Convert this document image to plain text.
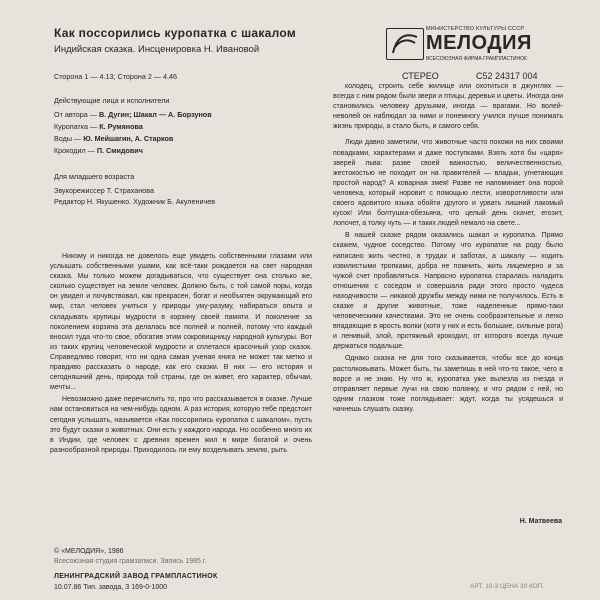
Как поссорились куропатка с шакалом
Индийская сказка. Инсценировка Н. Ивановой
МИНИСТЕРСТВО КУЛЬТУРЫ СССР
МЕЛОДИЯ
ВСЕСОЮЗНАЯ ФИРМА ГРАМПЛАСТИНОК
СТЕРЕО	С52 24317 004
Сторона 1 — 4.13; Сторона 2 — 4.46
Действующие лица и исполнители
От автора — В. Дугин; Шакал — А. Борзунов
Куропатка — К. Румянова
Воды — Ю. Мейшагин, А. Старков
Крокодил — П. Смидович
Для младшего возраста
Звукорежиссер Т. Страханова
Редактор Н. Якушенко. Художник Б. Акуленичев

Никому и никогда не довелось еще увидеть собственными глазами или услышать собственными ушами, как всё-таки рождается на свет народная сказка. Мы только можем догадываться, что существует она столько же, сколько существует на земле человек. Должно быть, с той самой поры, когда он увидел и почувствовал, как прекрасен, богат и необъятен окружающий его мир, стал человек учиться у природы уму-разуму, набираться опыта и складывать крупицы мудрости в корзину своей памяти. И поколение за поколением корзина эта делалась все полней и полней, потому что каждый вносил туда что-то свое, обогатив этим сокровищницу народной культуры. Вот из таких крупиц человеческой мудрости и сплетался красочный узор сказок. Справедливо говорят, что ни одна самая ученая книга не может так метко и правдиво рассказать о народе, как его сказки. В них — его история и сегодняшний день, природа той страны, где он живет, его характер, обычаи, мечты...

Невозможно даже перечислить то, про что рассказывается в сказке. Лучше нам остановиться на чем-нибудь одном. А раз история, которую тебе предстоит сегодня услышать, называется «Как поссорились куропатка с шакалом», пусть это будут сказки о животных. Они есть у каждого народа. Но особенно много их в Индии, где человек с древних времен жил в мире богатой и очень разнообразной природы. Приходилось ли ему возделывать землю, рыть

колодец, строить себе жилище или охотиться в джунглях — всегда с ним рядом были звери и птицы, деревья и цветы. Иногда они становились человеку друзьями, иногда — врагами. Но волей-неволей он наблюдал за ними и понемногу учился лучше понимать жизнь природы, а стало быть, и самого себя.

Люди давно заметили, что животные часто похожи на них своими повадками, характерами и даже поступками. Взять хотя бы «царя» зверей льва: разве своей важностью, величественностью, жестокостью не походит он на правителей — владык, угнетающих простой народ? А коварная змея! Разве не напоминает она порой человека, который норовит с помощью лести, изворотливости или своего ядовитого языка обойти другого и урвать лишний лакомый кусок! Или болтушка-обезьяна, что целый день скачет, егозит, лопочет, а толку чуть — и таких людей немало на свете...

В нашей сказке рядом оказались шакал и куропатка. Прямо скажем, чудное соседство. Потому что куропатке на роду было написано жить честно, в трудах и заботах, а шакалу — ходить извилистыми тропками, добра не помнить, жить лицемерно и за чужой счет пробавляться. Напрасно куропатка старалась наладить отношения с соседом и совершала ради этого просто чудеса находчивости — никакой дружбы между ними не получилось. Есть в сказке и другие животные, тоже наделенные прямо-таки человеческими качествами. Это не очень сообразительные и легко впадающие в ярость волки (хотя у них и есть большие, сильные рога) и ленивый, злой, протяжный крокодил, от которого всегда лучше держаться подальше.

Однако сказка не для того сказывается, чтобы все до конца растолковывать. Может быть, ты заметишь в ней что-то такое, чего в ворсе и не знаю. Ну что ж, куропатка уже вылезла из гнезда и отправляет первые лучи на свою полянку, и что рядом с ней, но одним глазком тоже поглядывает: ждут, когда ты усядешься и начнешь слушать сказку.

Н. Матвеева
© «МЕЛОДИЯ», 1986
Всесоюзная студия грамзаписи. Запись 1985 г.
ЛЕНИНГРАДСКИЙ ЗАВОД ГРАМПЛАСТИНОК
10.07.86 Тип. завода, З 169-0-1000	АРТ. 10-3 ЦЕНА 30 КОП.
